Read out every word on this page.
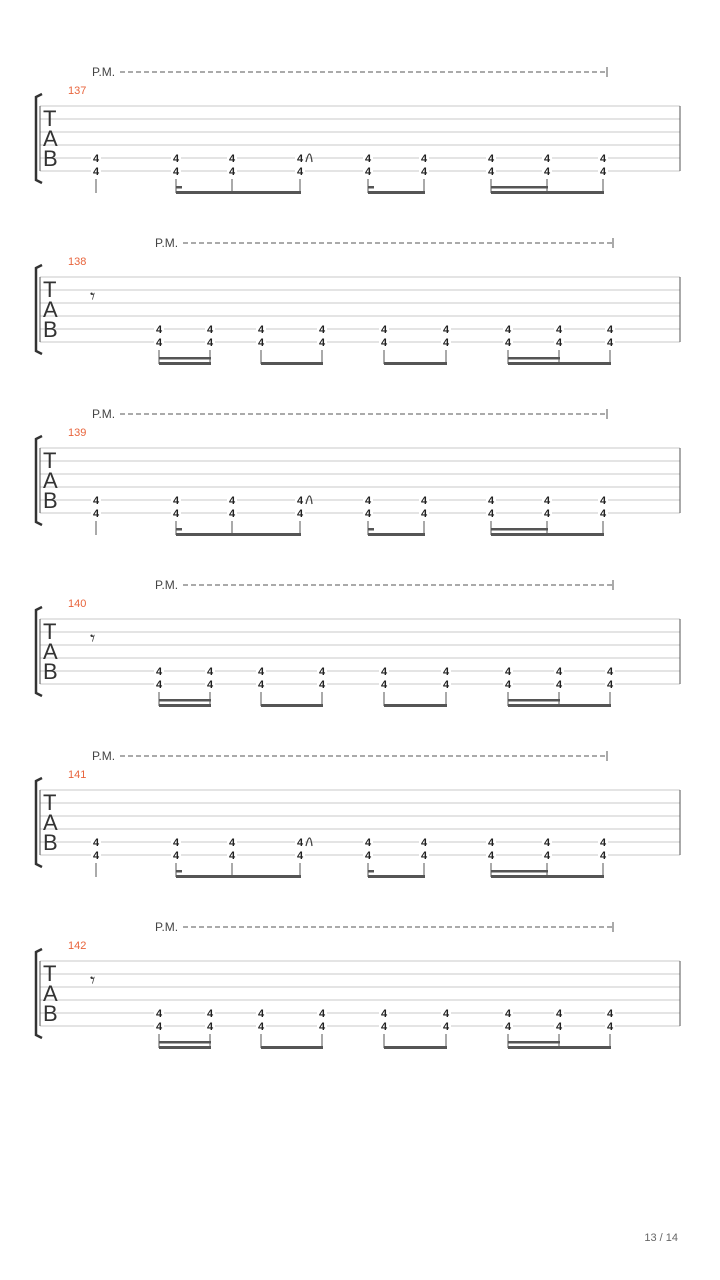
P.M.
137
T
A
B	4
4
4
4
4
4
4
4
4
4
4
4
4
4
4
4
4
4
P.M.
138
T
A
B
𝄾
4
4
4
4
4
4
4
4
4
4
4
4
4
4
4
4
4
4
P.M.
139
T
A
B	4
4
4
4
4
4
4
4
4
4
4
4
4
4
4
4
4
4
P.M.
140
T
A
B
𝄾
4
4
4
4
4
4
4
4
4
4
4
4
4
4
4
4
4
4
P.M.
141
T
A
B	4
4
4
4
4
4
4
4
4
4
4
4
4
4
4
4
4
4
P.M.
142
T
A
B
𝄾
4
4
4
4
4
4
4
4
4
4
4
4
4
4
4
4
4
4
13 / 14
